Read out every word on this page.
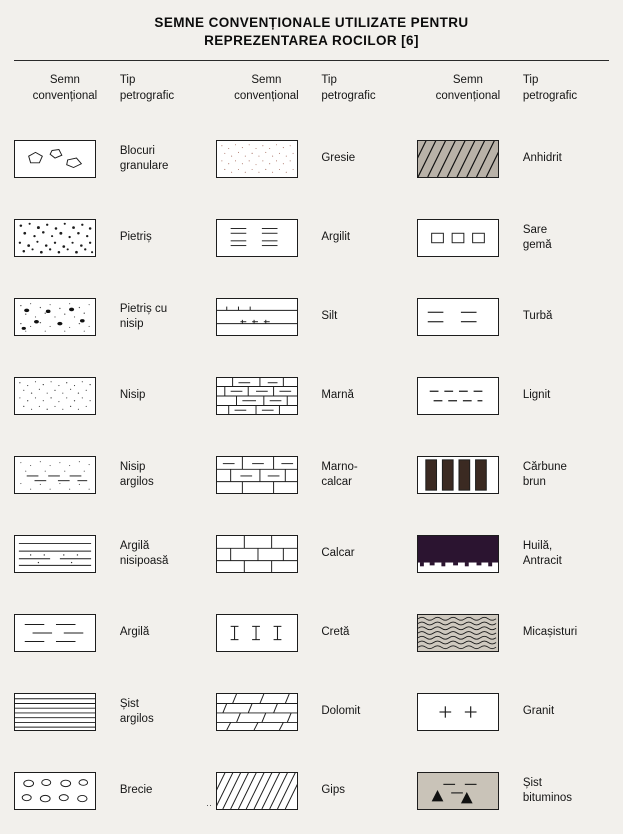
SEMNE CONVENȚIONALE UTILIZATE PENTRU
REPREZENTAREA ROCILOR [6]
Semn
convențional
Tip
petrografic
Blocuri
granulare
Pietriș
Pietriș cu
nisip
Nisip
Nisip
argilos
Argilă
nisipoasă
Argilă
Șist
argilos
Brecie
Semn
convențional
Tip
petrografic
Gresie
Argilit
Silt
Marnă
Marno-
calcar
Calcar
Cretă
Dolomit
Gips
Semn
convențional
Tip
petrografic
Anhidrit
Sare
gemă
Turbă
Lignit
Cărbune
brun
Huilă,
Antracit
Micașisturi
Granit
Șist
bituminos
··
